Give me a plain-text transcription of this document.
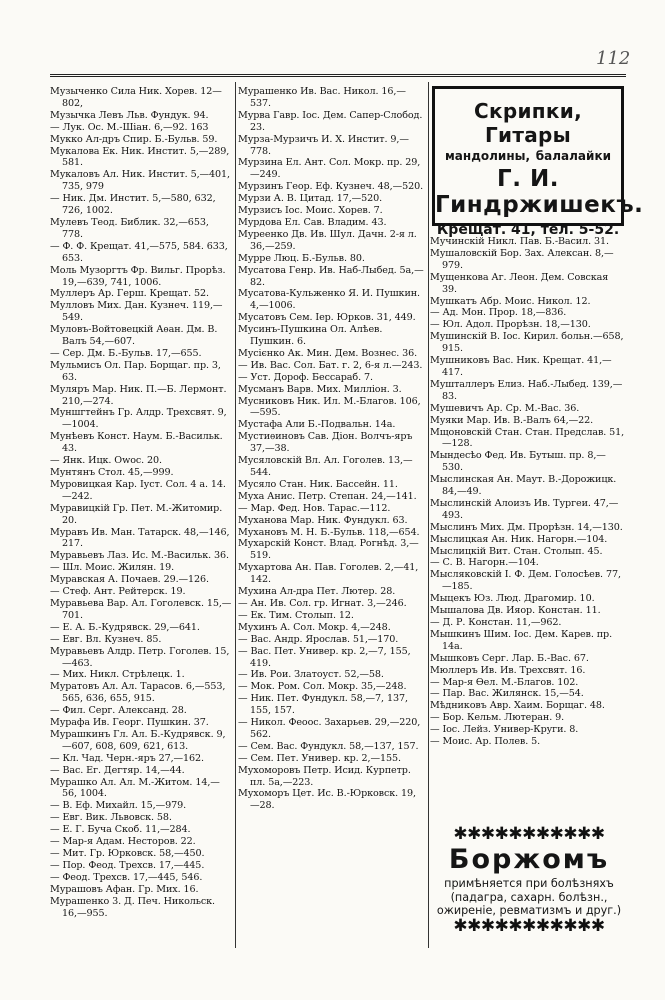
112
Музыченко Сила Ник. Хорев. 12—802,
Музычка Левъ Льв. Фундук. 94.
— Лук. Ос. М.-Шіан. 6,—92. 163
Мукко Ал-дръ Спир. Б.-Бульв. 59.
Мукалова Ек. Ник. Инстит. 5,—289, 581.
Мукаловъ Ал. Ник. Инстит. 5,—401, 735, 979
— Ник. Дм. Инстит. 5,—580, 632, 726, 1002.
Мулевъ Теод. Библик. 32,—653, 778.
— Ф. Ф. Крещат. 41,—575, 584. 633, 653.
Моль Музоргтъ Фр. Вильг. Прорѣз. 19,—639, 741, 1006.
Муллеръ Ар. Герш. Крещат. 52.
Мулловъ Мих. Дан. Кузнеч. 119,—549.
Муловъ-Войтовецкій Аѳан. Дм. В. Валъ 54,—607.
— Сер. Дм. Б.-Бульв. 17,—655.
Мульмисъ Ол. Пар. Борщаг. пр. 3, 63.
Муляръ Мар. Ник. П.—Б. Лермонт. 210,—274.
Муншгтейнъ Гр. Алдр. Трехсвят. 9,—1004.
Мунѣевъ Конст. Наум. Б.-Васильк. 43.
— Янк. Ицк. Owoc. 20.
Мунтянъ Стол. 45,—999.
Муровицкая Кар. Іуст. Сол. 4 а. 14.—242.
Муравицкій Гр. Пет. М.-Житомир. 20.
Муравъ Ив. Ман. Татарск. 48,—146, 217.
Муравьевъ Лаз. Ис. М.-Васильк. 36.
— Шл. Моис. Жилян. 19.
Муравская А. Почаев. 29.—126.
— Стеф. Ант. Рейтерск. 19.
Муравьева Вар. Ал. Гоголевск. 15,—701.
— Е. А. Б.-Кудрявск. 29,—641.
— Евг. Вл. Кузнеч. 85.
Муравьевъ Алдр. Петр. Гоголев. 15,—463.
— Мих. Никл. Стрѣлецк. 1.
Муратовъ Ал. Ал. Тарасов. 6,—553, 565, 636, 655, 915.
— Фил. Серг. Александ. 28.
Мурафа Ив. Георг. Пушкин. 37.
Мурашкинъ Гл. Ал. Б.-Кудрявск. 9,—607, 608, 609, 621, 613.
— Кл. Чад. Черн.-яръ 27,—162.
— Вас. Ег. Дегтяр. 14,—44.
Мурашко Ал. Ал. М.-Житом. 14,—56, 1004.
— В. Еф. Михайл. 15,—979.
— Евг. Вик. Львовск. 58.
— Е. Г. Буча Скоб. 11,—284.
— Мар-я Адам. Несторов. 22.
— Мит. Гр. Юрковск. 58,—450.
— Пор. Феод. Трехсв. 17,—445.
— Феод. Трехсв. 17,—445, 546.
Мурашовъ Афан. Гр. Мих. 16.
Мурашенко 3. Д. Печ. Никольск. 16,—955.
Мурашенко Ив. Вас. Никол. 16,—537.
Мурва Гавр. Іос. Дем. Сапер-Слобод. 23.
Мурза-Мурзичъ И. Х. Инстит. 9,—778.
Мурзина Ел. Ант. Сол. Мокр. пр. 29,—249.
Мурзинъ Геор. Еф. Кузнеч. 48,—520.
Мурзи А. В. Цитад. 17,—520.
Мурзисъ Іос. Моис. Хорев. 7.
Мурдова Ел. Сав. Владим. 43.
Муреенко Дв. Ив. Шул. Дачн. 2-я л. 36,—259.
Мурре Люц. Б.-Бульв. 80.
Мусатова Генр. Ив. Наб-Лыбед. 5а,—82.
Мусатова-Кульженко Я. И. Пушкин. 4,—1006.
Мусатовъ Сем. Іер. Юрков. 31, 449.
Мусинъ-Пушкина Ол. Алѣев. Пушкин. 6.
Мусієнко Ак. Мин. Дем. Вознес. 36.
— Ив. Вас. Сол. Бат. г. 2, 6-я л.—243.
— Уст. Дороф. Бессараб. 7.
Мусманъ Варв. Мих. Милліон. 3.
Мусниковъ Ник. Ил. М.-Благов. 106,—595.
Мустафа Али Б.-Подвальн. 14а.
Мустиѳиновъ Сав. Діон. Волчъ-яръ 37,—38.
Мусяловскій Вл. Ал. Гоголев. 13,—544.
Мусяло Стан. Ник. Бассейн. 11.
Муха Анис. Петр. Степан. 24,—141.
— Мар. Фед. Нов. Тарас.—112.
Муханова Мар. Ник. Фундукл. 63.
Мухановъ М. Н. Б.-Бульв. 118,—654.
Мухарскій Конст. Влад. Рогнѣд. 3,—519.
Мухартова Ан. Пав. Гоголев. 2,—41, 142.
Мухина Ал-дра Пет. Лютер. 28.
— Ан. Ив. Сол. гр. Игнат. 3,—246.
— Ек. Тим. Столып. 12.
Мухинъ А. Сол. Мокр. 4,—248.
— Вас. Андр. Ярослав. 51,—170.
— Вас. Пет. Универ. кр. 2,—7, 155, 419.
— Ив. Рои. Златоуст. 52,—58.
— Мок. Ром. Сол. Мокр. 35,—248.
— Ник. Пет. Фундукл. 58,—7, 137, 155, 157.
— Никол. Феоос. Захарьев. 29,—220, 562.
— Сем. Вас. Фундукл. 58,—137, 157.
— Сем. Пет. Универ. кр. 2,—155.
Мухоморовъ Петр. Исид. Курпетр. пл. 5а,—223.
Мухоморъ Цет. Ис. В.-Юрковск. 19,—28.
Скрипки, Гитары
мандолины, балалайки
Г. И. Гиндржишекъ.
Крещат. 41, тел. 5-52.
Мучинскій Никл. Пав. Б.-Васил. 31.
Мушаловскій Бор. Зах. Алексан. 8,—979.
Мущенкова Аг. Леон. Дем. Совская 39.
Мушкатъ Абр. Моис. Никол. 12.
— Ад. Мон. Прор. 18,—836.
— Юл. Адол. Прорѣзн. 18,—130.
Мушинскій В. Іос. Кирил. больн.—658, 915.
Мушниковъ Вас. Ник. Крещат. 41,—417.
Мушталлеръ Елиз. Наб.-Лыбед. 139,—83.
Мушевичъ Ар. Ср. М.-Вас. 36.
Муяки Мар. Ив. В.-Валъ 64,—22.
Мщоновскій Стан. Стан. Предслав. 51,—128.
Мындесѣо Фед. Ив. Бутыш. пр. 8,—530.
Мыслинская Ан. Маут. В.-Дорожицк. 84,—49.
Мыслинскій Алоизъ Ив. Тургеи. 47,—493.
Мыслинъ Мих. Дм. Прорѣзн. 14,—130.
Мыслицкая Ан. Ник. Нагорн.—104.
Мыслицкій Вит. Стан. Столып. 45.
— С. В. Нагорн.—104.
Мысляковскій I. Ф. Дем. Голосѣев. 77,—185.
Мыцекъ Юз. Люд. Драгомир. 10.
Мышалова Дв. Ияор. Констан. 11.
— Д. Р. Констан. 11,—962.
Мышкинъ Шим. Іос. Дем. Карев. пр. 14а.
Мышковъ Серг. Лар. Б.-Вас. 67.
Мюллеръ Ив. Ив. Трехсвят. 16.
— Мар-я Ѳел. М.-Благов. 102.
— Пар. Вас. Жилянск. 15,—54.
Мѣдниковъ Авр. Хаим. Борщаг. 48.
— Бор. Кельм. Лютеран. 9.
— Іос. Лейз. Универ-Круги. 8.
— Моис. Ар. Полев. 5.
✱✱✱✱✱✱✱✱✱✱✱
Боржомъ
примѣняется при болѣзняхъ (падагра, сахарн. болѣзн., ожиреніе, ревматизмъ и друг.)
✱✱✱✱✱✱✱✱✱✱✱
